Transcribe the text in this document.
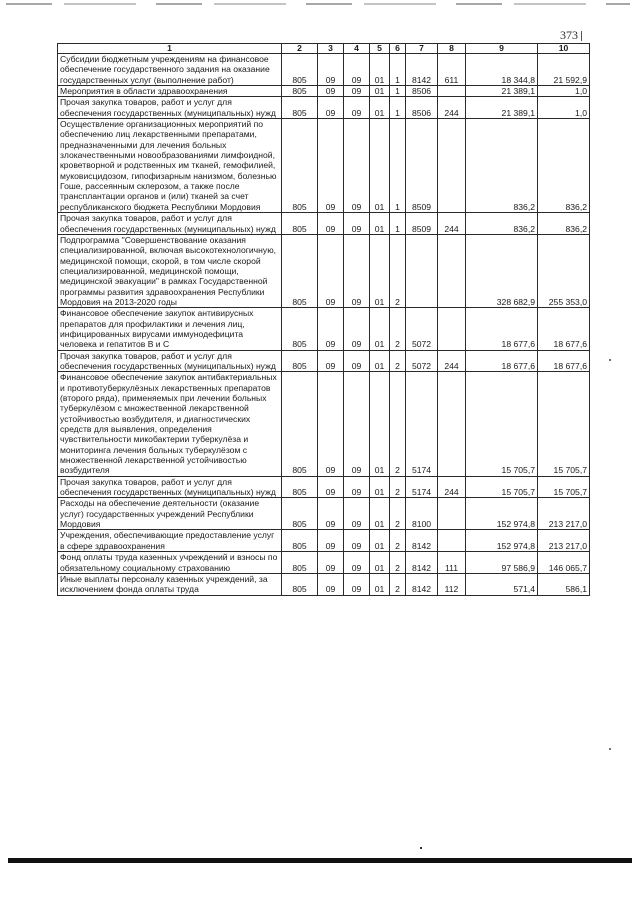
373
1	2	3	4	5	6	7	8	9	10
Субсидии бюджетным учреждениям на финансовое обеспечение государственного задания на оказание государственных услуг (выполнение работ)	805	09	09	01	1	8142	611	18 344,8	21 592,9
Мероприятия в области здравоохранения	805	09	09	01	1	8506		21 389,1	1,0
Прочая закупка товаров, работ и услуг для обеспечения государственных (муниципальных) нужд	805	09	09	01	1	8506	244	21 389,1	1,0
Осуществление организационных мероприятий по обеспечению лиц лекарственными препаратами, предназначенными для лечения больных злокачественными новообразованиями лимфоидной, кроветворной и родственных им тканей, гемофилией, муковисцидозом, гипофизарным нанизмом, болезнью Гоше, рассеянным склерозом, а также после трансплантации органов и (или) тканей за счет республиканского бюджета Республики Мордовия	805	09	09	01	1	8509		836,2	836,2
Прочая закупка товаров, работ и услуг для обеспечения государственных (муниципальных) нужд	805	09	09	01	1	8509	244	836,2	836,2
Подпрограмма "Совершенствование оказания специализированной, включая высокотехнологичную, медицинской помощи, скорой, в том числе скорой специализированной, медицинской помощи, медицинской эвакуации" в рамках Государственной программы развития здравоохранения Республики Мордовия на 2013-2020 годы	805	09	09	01	2			328 682,9	255 353,0
Финансовое обеспечение закупок антивирусных препаратов для профилактики и лечения лиц, инфицированных вирусами иммунодефицита человека и гепатитов В и С	805	09	09	01	2	5072		18 677,6	18 677,6
Прочая закупка товаров, работ и услуг для обеспечения государственных (муниципальных) нужд	805	09	09	01	2	5072	244	18 677,6	18 677,6
Финансовое обеспечение закупок антибактериальных и противотуберкулёзных лекарственных препаратов (второго ряда), применяемых при лечении больных туберкулёзом с множественной лекарственной устойчивостью возбудителя, и диагностических средств для выявления, определения чувствительности микобактерии туберкулёза и мониторинга лечения больных туберкулёзом с множественной лекарственной устойчивостью возбудителя	805	09	09	01	2	5174		15 705,7	15 705,7
Прочая закупка товаров, работ и услуг для обеспечения государственных (муниципальных) нужд	805	09	09	01	2	5174	244	15 705,7	15 705,7
Расходы на обеспечение деятельности (оказание услуг) государственных учреждений Республики Мордовия	805	09	09	01	2	8100		152 974,8	213 217,0
Учреждения, обеспечивающие предоставление услуг в сфере здравоохранения	805	09	09	01	2	8142		152 974,8	213 217,0
Фонд оплаты труда казенных учреждений и взносы по обязательному социальному страхованию	805	09	09	01	2	8142	111	97 586,9	146 065,7
Иные выплаты персоналу казенных учреждений, за исключением фонда оплаты труда	805	09	09	01	2	8142	112	571,4	586,1
